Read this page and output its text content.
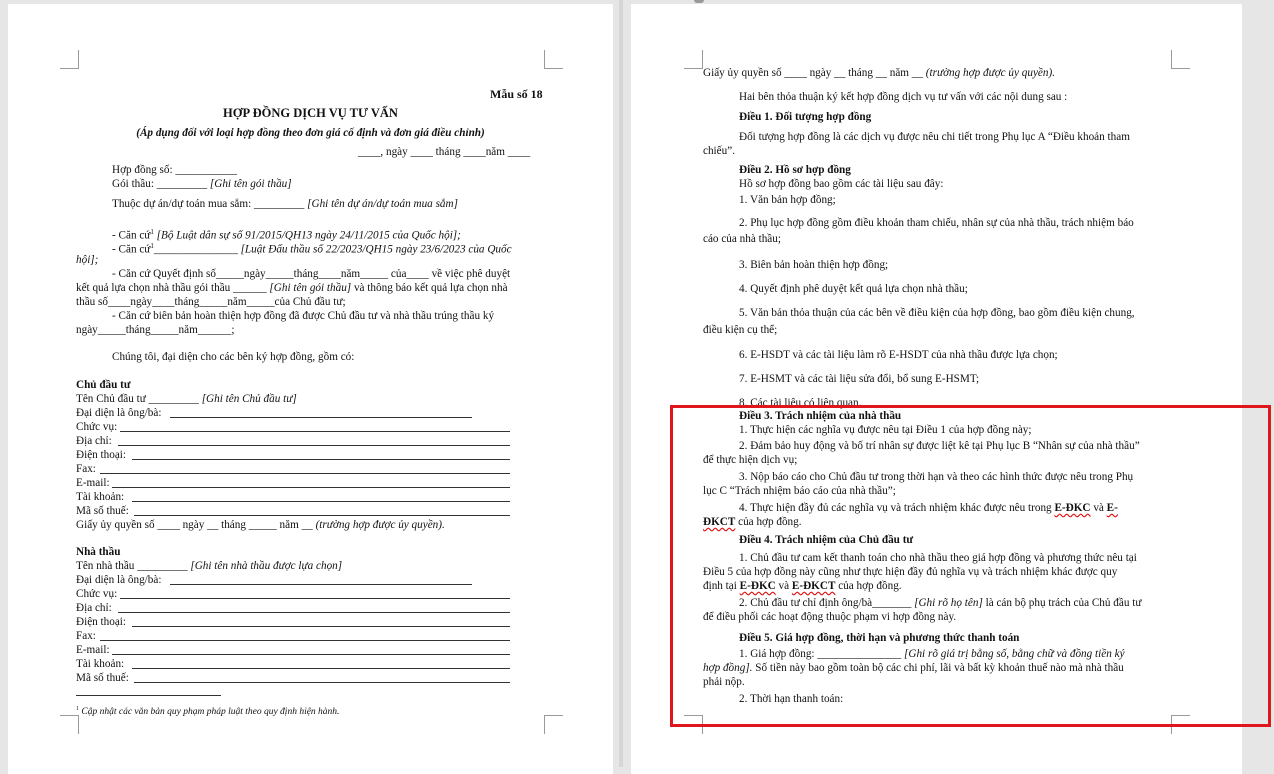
Mẫu số 18
HỢP ĐỒNG DỊCH VỤ TƯ VẤN
(Áp dụng đối với loại hợp đồng theo đơn giá cố định và đơn giá điều chỉnh)
____, ngày ____ tháng ____năm ____
Hợp đồng số: ___________
Gói thầu: _________ [Ghi tên gói thầu]
Thuộc dự án/dự toán mua sắm: _________ [Ghi tên dự án/dự toán mua sắm]
- Căn cứ$^1$ [Bộ Luật dân sự số 91/2015/QH13 ngày 24/11/2015 của Quốc hội];
- Căn cứ$^1$_______________ [Luật Đấu thầu số 22/2023/QH15 ngày 23/6/2023 của Quốc
hội];
- Căn cứ Quyết định số_____ngày_____tháng____năm_____ của____ về việc phê duyệt
kết quả lựa chọn nhà thầu gói thầu ______ [Ghi tên gói thầu] và thông báo kết quả lựa chọn nhà
thầu số____ngày____tháng_____năm_____của Chủ đầu tư;
- Căn cứ biên bản hoàn thiện hợp đồng đã được Chủ đầu tư và nhà thầu trúng thầu ký
ngày_____tháng_____năm______;
Chúng tôi, đại diện cho các bên ký hợp đồng, gồm có:
Chủ đầu tư
Tên Chủ đầu tư _________ [Ghi tên Chủ đầu tư]
Đại diện là ông/bà:
Chức vụ:
Địa chỉ:
Điện thoại:
Fax:
E-mail:
Tài khoản:
Mã số thuế:
Giấy ủy quyền số ____ ngày __ tháng _____ năm __ (trường hợp được ủy quyền).
Nhà thầu
Tên nhà thầu _________ [Ghi tên nhà thầu được lựa chọn]
Đại diện là ông/bà:
Chức vụ:
Địa chỉ:
Điện thoại:
Fax:
E-mail:
Tài khoản:
Mã số thuế:
$^1$ Cập nhật các văn bản quy phạm pháp luật theo quy định hiện hành.
Giấy ủy quyền số ____ ngày __ tháng __ năm __ (trường hợp được ủy quyền).
Hai bên thỏa thuận ký kết hợp đồng dịch vụ tư vấn với các nội dung sau :
Điều 1. Đối tượng hợp đồng
Đối tượng hợp đồng là các dịch vụ được nêu chi tiết trong Phụ lục A “Điều khoản tham
chiếu”.
Điều 2. Hồ sơ hợp đồng
Hồ sơ hợp đồng bao gồm các tài liệu sau đây:
1. Văn bản hợp đồng;
2. Phụ lục hợp đồng gồm điều khoản tham chiếu, nhân sự của nhà thầu, trách nhiệm báo
cáo của nhà thầu;
3. Biên bản hoàn thiện hợp đồng;
4. Quyết định phê duyệt kết quả lựa chọn nhà thầu;
5. Văn bản thỏa thuận của các bên về điều kiện của hợp đồng, bao gồm điều kiện chung,
điều kiện cụ thể;
6. E-HSDT và các tài liệu làm rõ E-HSDT của nhà thầu được lựa chọn;
7. E-HSMT và các tài liệu sửa đổi, bổ sung E-HSMT;
8. Các tài liệu có liên quan.
Điều 3. Trách nhiệm của nhà thầu
1. Thực hiện các nghĩa vụ được nêu tại Điều 1 của hợp đồng này;
2. Đảm bảo huy động và bố trí nhân sự được liệt kê tại Phụ lục B “Nhân sự của nhà thầu”
để thực hiện dịch vụ;
3. Nộp báo cáo cho Chủ đầu tư trong thời hạn và theo các hình thức được nêu trong Phụ
lục C “Trách nhiệm báo cáo của nhà thầu”;
4. Thực hiện đầy đủ các nghĩa vụ và trách nhiệm khác được nêu trong E-ĐKC và E-
ĐKCT của hợp đồng.
Điều 4. Trách nhiệm của Chủ đầu tư
1. Chủ đầu tư cam kết thanh toán cho nhà thầu theo giá hợp đồng và phương thức nêu tại
Điều 5 của hợp đồng này cũng như thực hiện đầy đủ nghĩa vụ và trách nhiệm khác được quy
định tại E-ĐKC và E-ĐKCT của hợp đồng.
2. Chủ đầu tư chỉ định ông/bà_______ [Ghi rõ họ tên] là cán bộ phụ trách của Chủ đầu tư
để điều phối các hoạt động thuộc phạm vi hợp đồng này.
Điều 5. Giá hợp đồng, thời hạn và phương thức thanh toán
1. Giá hợp đồng: _______________ [Ghi rõ giá trị bằng số, bằng chữ và đồng tiền ký
hợp đồng]. Số tiền này bao gồm toàn bộ các chi phí, lãi và bất kỳ khoản thuế nào mà nhà thầu
phải nộp.
2. Thời hạn thanh toán:
